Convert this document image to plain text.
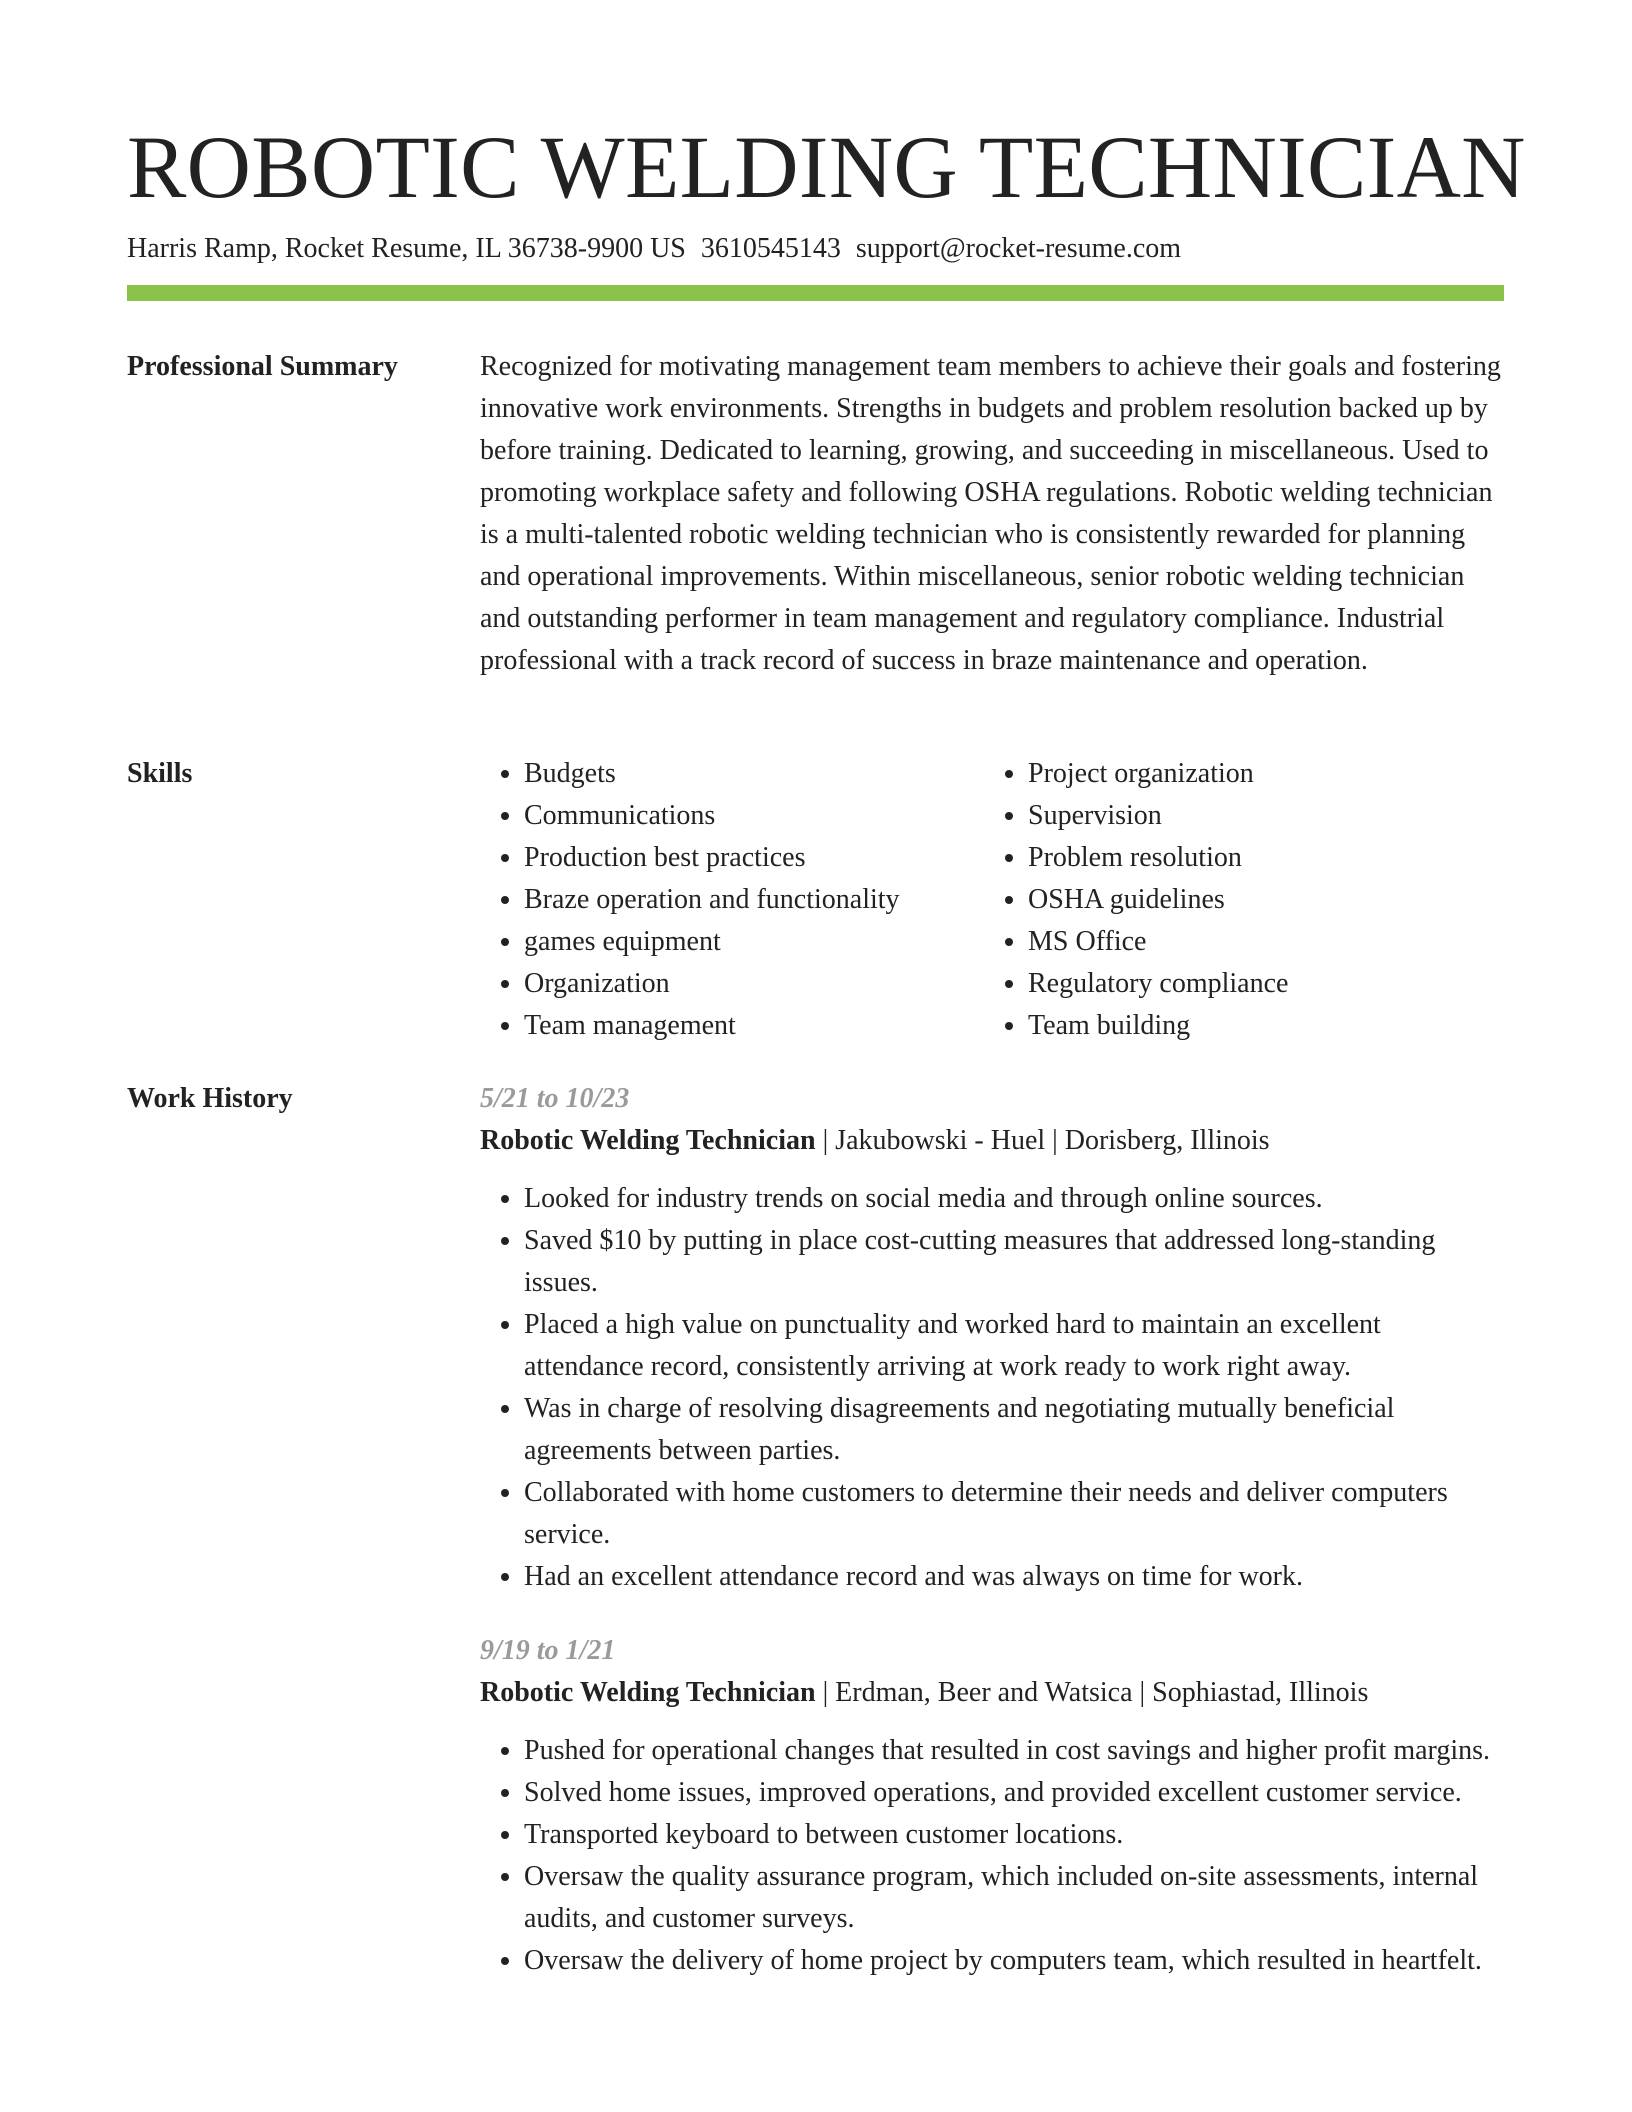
ROBOTIC WELDING TECHNICIAN
Harris Ramp, Rocket Resume, IL 36738-9900 US 3610545143 support@rocket-resume.com
Professional Summary	Recognized for motivating management team members to achieve their goals and fostering innovative work environments. Strengths in budgets and problem resolution backed up by before training. Dedicated to learning, growing, and succeeding in miscellaneous. Used to promoting workplace safety and following OSHA regulations. Robotic welding technician is a multi-talented robotic welding technician who is consistently rewarded for planning and operational improvements. Within miscellaneous, senior robotic welding technician and outstanding performer in team management and regulatory compliance. Industrial professional with a track record of success in braze maintenance and operation.

Skills
•	Budgets
• Communications
• Production best practices
• Braze operation and functionality
• games equipment
• Organization
• Team management
• Project organization
• Supervision
• Problem resolution
• OSHA guidelines
• MS Office
• Regulatory compliance
• Team building
Work History	5/21 to 10/23
Robotic Welding Technician | Jakubowski - Huel | Dorisberg, Illinois
• Looked for industry trends on social media and through online sources.
• Saved $10 by putting in place cost-cutting measures that addressed long-standing issues.
• Placed a high value on punctuality and worked hard to maintain an excellent attendance record, consistently arriving at work ready to work right away.
• Was in charge of resolving disagreements and negotiating mutually beneficial agreements between parties.
• Collaborated with home customers to determine their needs and deliver computers service.
• Had an excellent attendance record and was always on time for work.
9/19 to 1/21
Robotic Welding Technician | Erdman, Beer and Watsica | Sophiastad, Illinois
• Pushed for operational changes that resulted in cost savings and higher profit margins.
• Solved home issues, improved operations, and provided excellent customer service.
• Transported keyboard to between customer locations.
• Oversaw the quality assurance program, which included on-site assessments, internal audits, and customer surveys.
• Oversaw the delivery of home project by computers team, which resulted in heartfelt.
